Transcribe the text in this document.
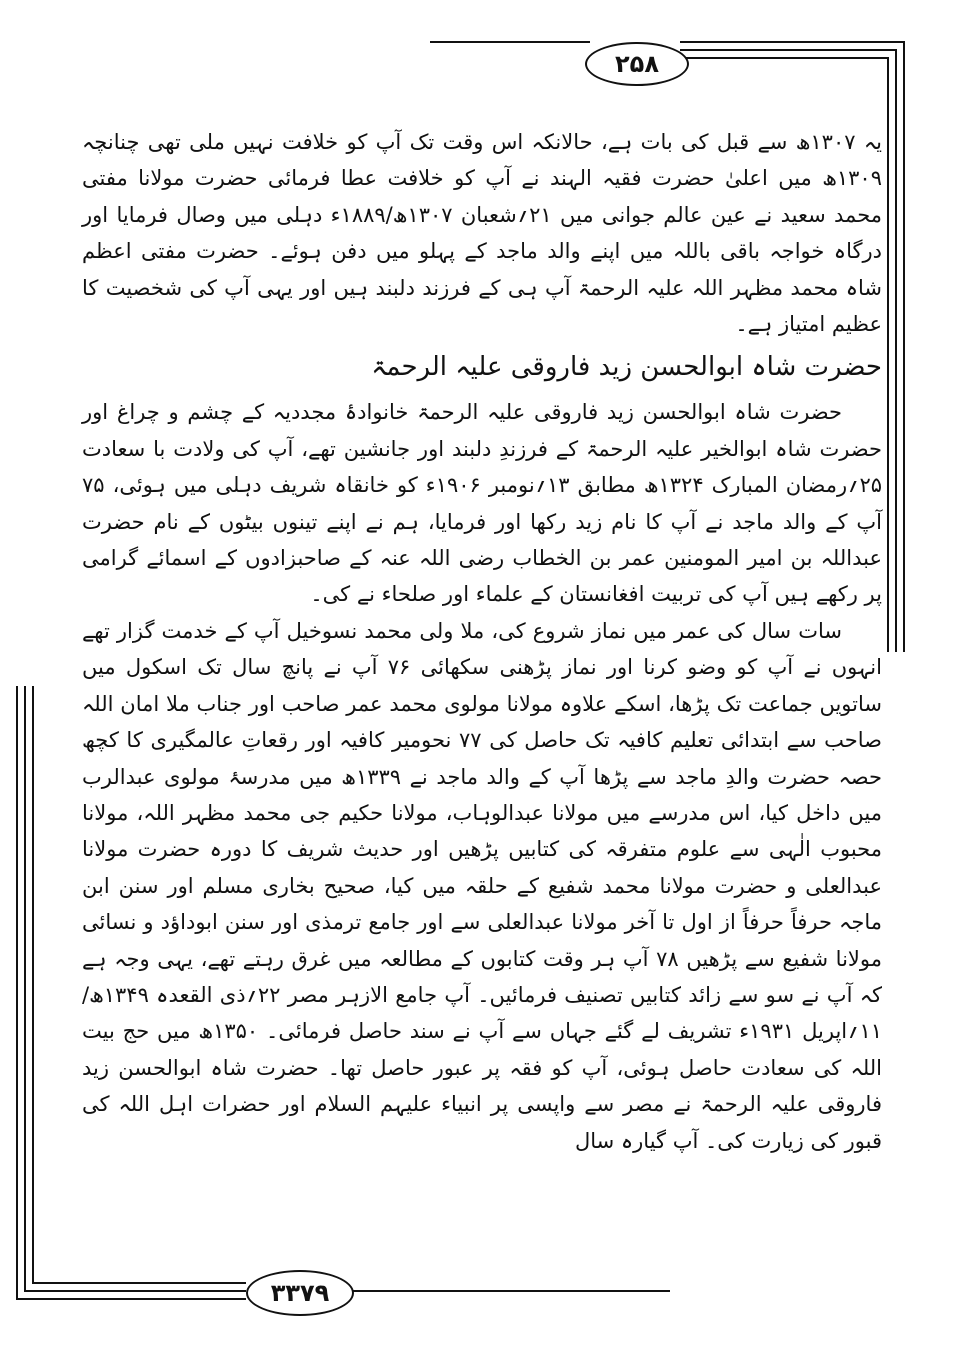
۲۵۸
۳۳۷۹

یہ ۱۳۰۷ھ سے قبل کی بات ہے، حالانکہ اس وقت تک آپ کو خلافت نہیں ملی تھی چنانچہ ۱۳۰۹ھ میں اعلیٰ حضرت فقیہ الہند نے آپ کو خلافت عطا فرمائی حضرت مولانا مفتی محمد سعید نے عین عالم جوانی میں ۲۱؍شعبان ۱۳۰۷ھ/۱۸۸۹ء دہلی میں وصال فرمایا اور درگاہ خواجہ باقی باللہ میں اپنے والد ماجد کے پہلو میں دفن ہوئے۔ حضرت مفتی اعظم شاہ محمد مظہر اللہ علیہ الرحمۃ آپ ہی کے فرزند دلبند ہیں اور یہی آپ کی شخصیت کا عظیم امتیاز ہے۔

حضرت شاہ ابوالحسن زید فاروقی علیہ الرحمۃ

حضرت شاہ ابوالحسن زید فاروقی علیہ الرحمۃ خانوادۂ مجددیہ کے چشم و چراغ اور حضرت شاہ ابوالخیر علیہ الرحمۃ کے فرزندِ دلبند اور جانشین تھے، آپ کی ولادت با سعادت ۲۵؍رمضان المبارک ۱۳۲۴ھ مطابق ۱۳؍نومبر ۱۹۰۶ء کو خانقاہ شریف دہلی میں ہوئی، ۷۵ آپ کے والد ماجد نے آپ کا نام زید رکھا اور فرمایا، ہم نے اپنے تینوں بیٹوں کے نام حضرت عبداللہ بن امیر المومنین عمر بن الخطاب رضی اللہ عنہ کے صاحبزادوں کے اسمائے گرامی پر رکھے ہیں آپ کی تربیت افغانستان کے علماء اور صلحاء نے کی۔

سات سال کی عمر میں نماز شروع کی، ملا ولی محمد نسوخیل آپ کے خدمت گزار تھے انہوں نے آپ کو وضو کرنا اور نماز پڑھنی سکھائی ۷۶ آپ نے پانچ سال تک اسکول میں ساتویں جماعت تک پڑھا، اسکے علاوہ مولانا مولوی محمد عمر صاحب اور جناب ملا امان اللہ صاحب سے ابتدائی تعلیم کافیہ تک حاصل کی ۷۷ نحومیر کافیہ اور رقعاتِ عالمگیری کا کچھ حصہ حضرت والدِ ماجد سے پڑھا آپ کے والد ماجد نے ۱۳۳۹ھ میں مدرسۂ مولوی عبدالرب میں داخل کیا، اس مدرسے میں مولانا عبدالوہاب، مولانا حکیم جی محمد مظہر اللہ، مولانا محبوب الٰہی سے علوم متفرقہ کی کتابیں پڑھیں اور حدیث شریف کا دورہ حضرت مولانا عبدالعلی و حضرت مولانا محمد شفیع کے حلقہ میں کیا، صحیح بخاری مسلم اور سنن ابن ماجہ حرفاً حرفاً از اول تا آخر مولانا عبدالعلی سے اور جامع ترمذی اور سنن ابوداؤد و نسائی مولانا شفیع سے پڑھیں ۷۸ آپ ہر وقت کتابوں کے مطالعہ میں غرق رہتے تھے، یہی وجہ ہے کہ آپ نے سو سے زائد کتابیں تصنیف فرمائیں۔ آپ جامع الازہر مصر ۲۲؍ذی القعدہ ۱۳۴۹ھ/۱۱؍اپریل ۱۹۳۱ء تشریف لے گئے جہاں سے آپ نے سند حاصل فرمائی۔ ۱۳۵۰ھ میں حج بیت اللہ کی سعادت حاصل ہوئی، آپ کو فقہ پر عبور حاصل تھا۔ حضرت شاہ ابوالحسن زید فاروقی علیہ الرحمۃ نے مصر سے واپسی پر انبیاء علیہم السلام اور حضرات اہل اللہ کی قبور کی زیارت کی۔ آپ گیارہ سال
